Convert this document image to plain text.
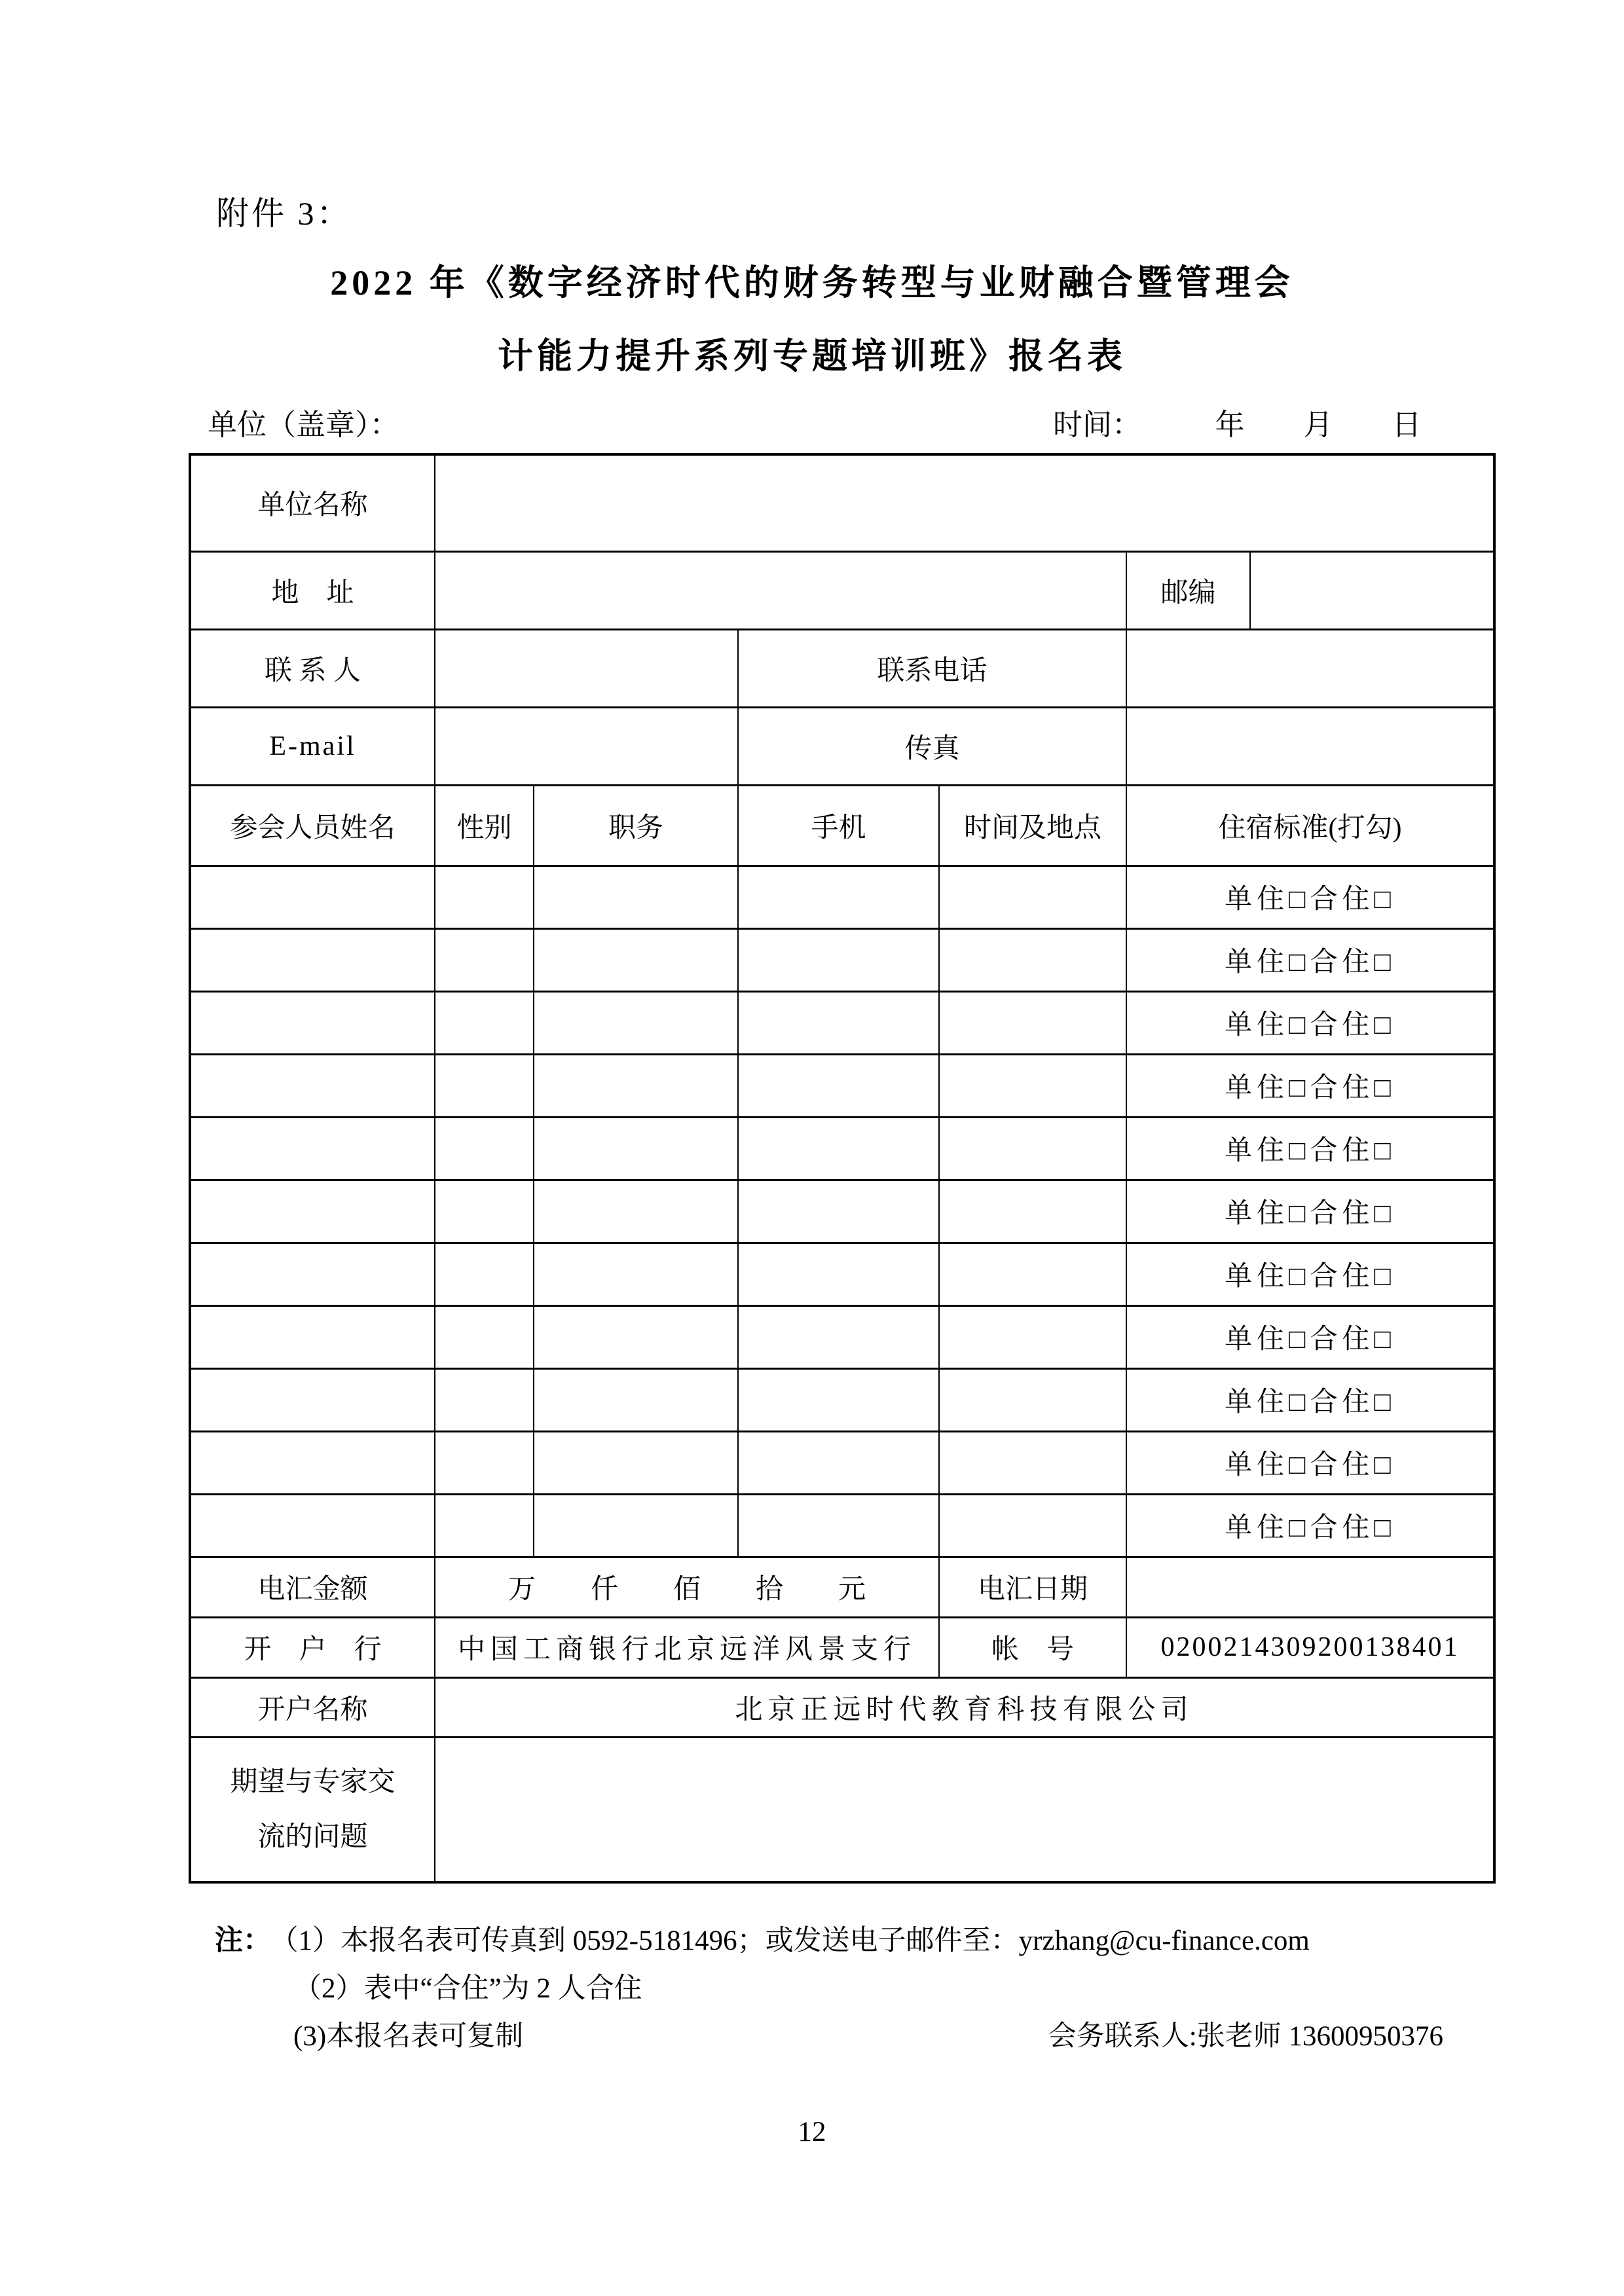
附件 3：
2022 年《数字经济时代的财务转型与业财融合暨管理会
计能力提升系列专题培训班》报名表
单位（盖章）：	时间：　　　年　　月　　日
单位名称						
地　址					邮编	
联 系 人			联系电话			
E-mail			传真			
参会人员姓名	性别	职务	手机	时间及地点	住宿标准(打勾)	
					单住□合住□	
					单住□合住□	
					单住□合住□	
					单住□合住□	
					单住□合住□	
					单住□合住□	
					单住□合住□	
					单住□合住□	
					单住□合住□	
					单住□合住□	
					单住□合住□	
电汇金额	万　　仟　　佰　　拾　　元			电汇日期		
开　户　行	中国工商银行北京远洋风景支行			帐　号	0200214309200138401	
开户名称	北京正远时代教育科技有限公司					

期望与专家交
流的问题						

注： （1）本报名表可传真到 0592-5181496；或发送电子邮件至：yrzhang@cu-finance.com
（2）表中“合住”为 2 人合住
(3)本报名表可复制	会务联系人:张老师 13600950376
12
